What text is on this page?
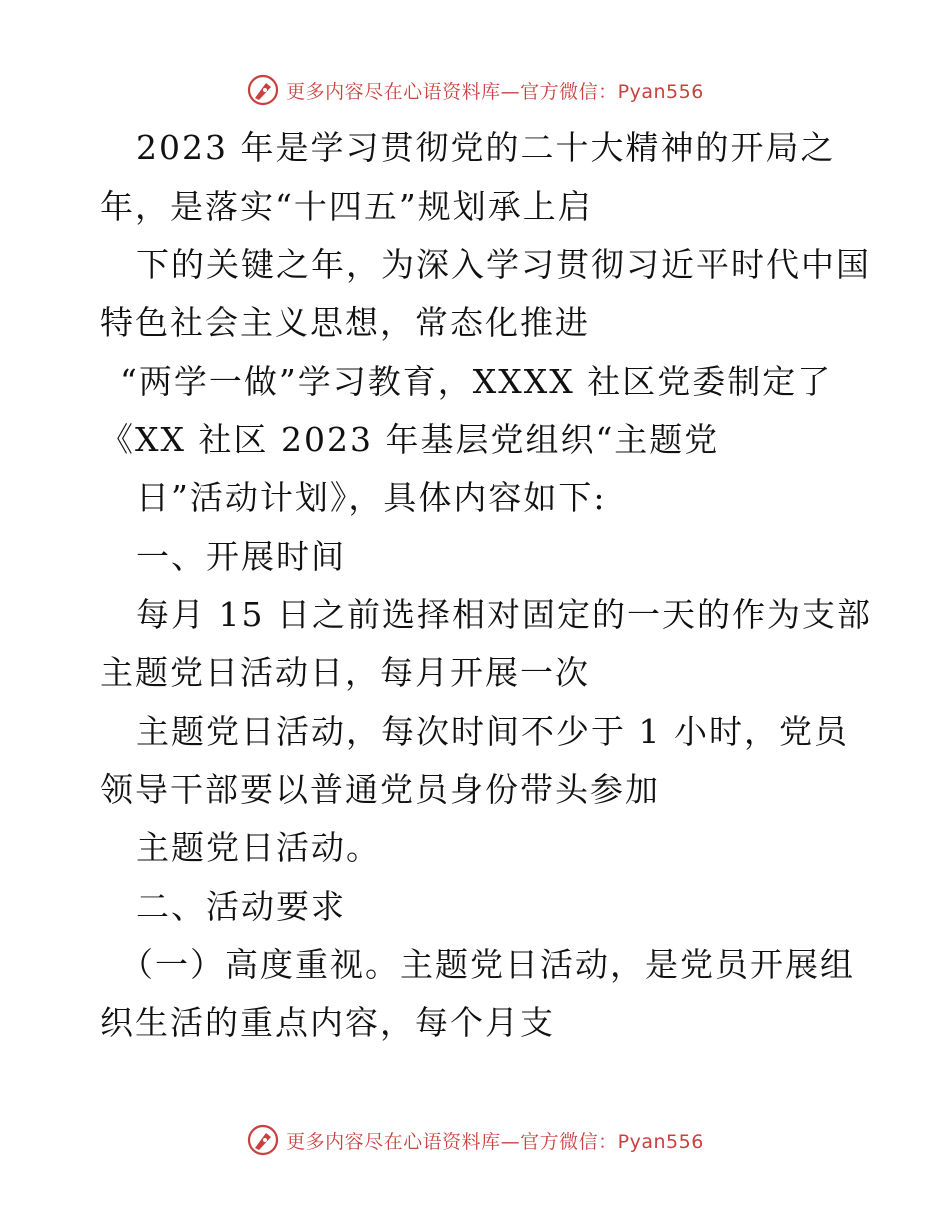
更多内容尽在心语资料库—官方微信：Pyan556
2023 年是学习贯彻党的二十大精神的开局之
年，是落实“十四五”规划承上启
下的关键之年，为深入学习贯彻习近平时代中国
特色社会主义思想，常态化推进
“两学一做”学习教育，XXXX 社区党委制定了
《XX 社区 2023 年基层党组织“主题党
日”活动计划》，具体内容如下:
一、开展时间
每月 15 日之前选择相对固定的一天的作为支部
主题党日活动日，每月开展一次
主题党日活动，每次时间不少于 1 小时，党员
领导干部要以普通党员身份带头参加
主题党日活动。
二、活动要求
（一）高度重视。主题党日活动，是党员开展组
织生活的重点内容，每个月支
更多内容尽在心语资料库—官方微信：Pyan556
